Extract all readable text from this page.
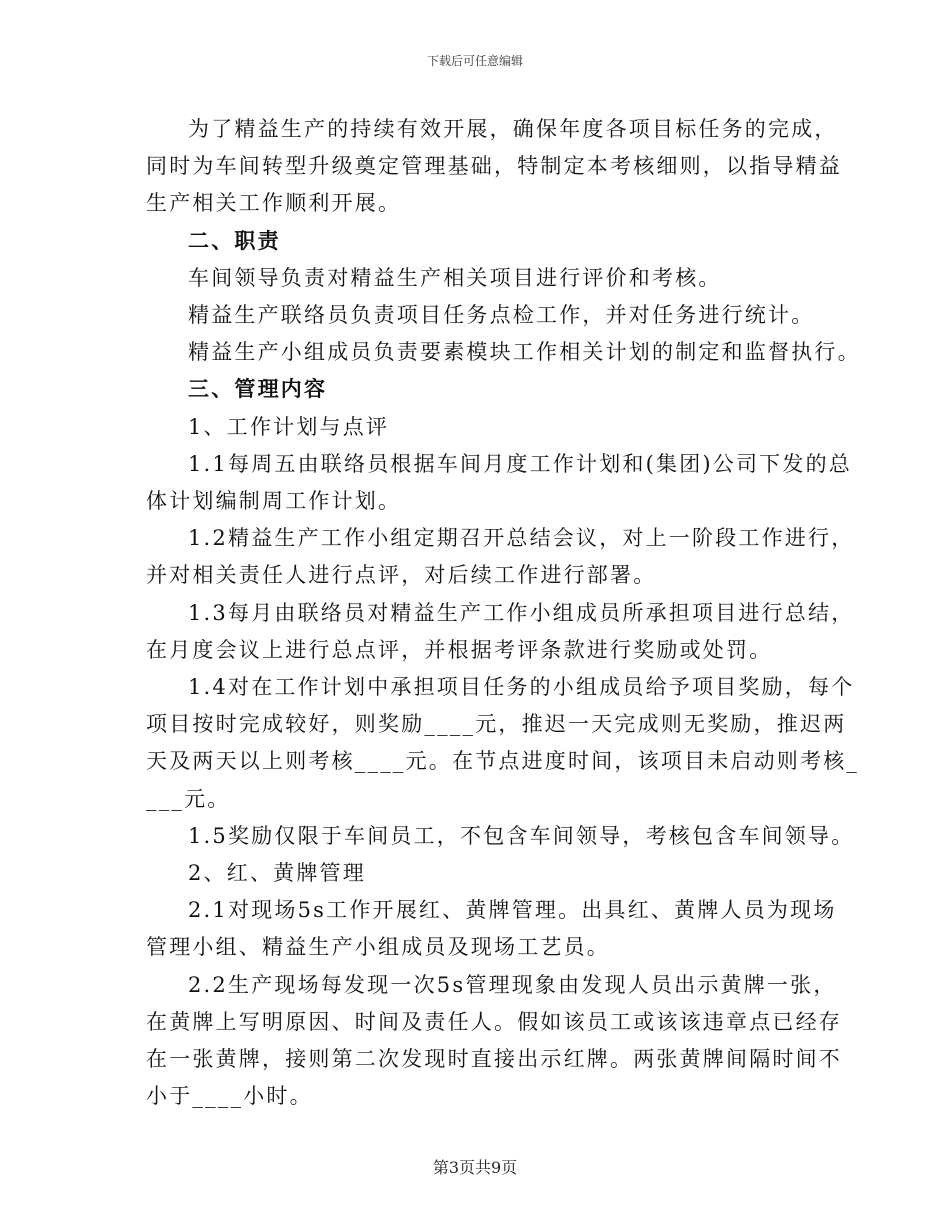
下载后可任意编辑
为了精益生产的持续有效开展，确保年度各项目标任务的完成，
同时为车间转型升级奠定管理基础，特制定本考核细则，以指导精益
生产相关工作顺利开展。
二、职责
车间领导负责对精益生产相关项目进行评价和考核。
精益生产联络员负责项目任务点检工作，并对任务进行统计。
精益生产小组成员负责要素模块工作相关计划的制定和监督执行。
三、管理内容
1、工作计划与点评
1.1每周五由联络员根据车间月度工作计划和(集团)公司下发的总
体计划编制周工作计划。
1.2精益生产工作小组定期召开总结会议，对上一阶段工作进行，
并对相关责任人进行点评，对后续工作进行部署。
1.3每月由联络员对精益生产工作小组成员所承担项目进行总结，
在月度会议上进行总点评，并根据考评条款进行奖励或处罚。
1.4对在工作计划中承担项目任务的小组成员给予项目奖励，每个
项目按时完成较好，则奖励____元，推迟一天完成则无奖励，推迟两
天及两天以上则考核____元。在节点进度时间，该项目未启动则考核_
___元。
1.5奖励仅限于车间员工，不包含车间领导，考核包含车间领导。
2、红、黄牌管理
2.1对现场5s工作开展红、黄牌管理。出具红、黄牌人员为现场
管理小组、精益生产小组成员及现场工艺员。
2.2生产现场每发现一次5s管理现象由发现人员出示黄牌一张，
在黄牌上写明原因、时间及责任人。假如该员工或该该违章点已经存
在一张黄牌，接则第二次发现时直接出示红牌。两张黄牌间隔时间不
小于____小时。
第3页共9页
